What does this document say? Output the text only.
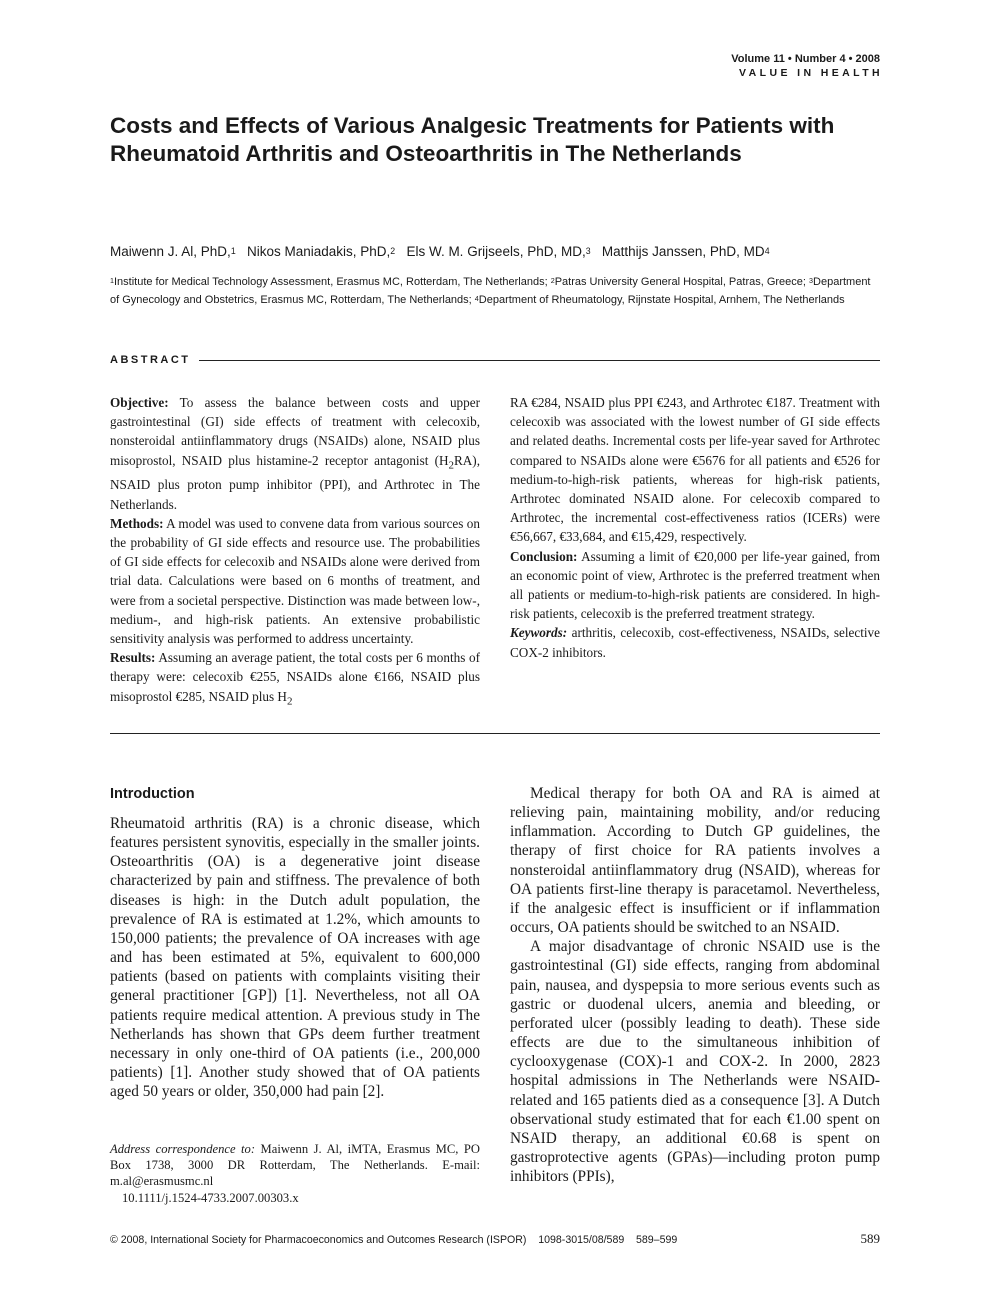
Volume 11 • Number 4 • 2008
VALUE IN HEALTH
Costs and Effects of Various Analgesic Treatments for Patients with Rheumatoid Arthritis and Osteoarthritis in The Netherlands
Maiwenn J. Al, PhD,$^1$ Nikos Maniadakis, PhD,$^2$ Els W. M. Grijseels, PhD, MD,$^3$ Matthijs Janssen, PhD, $MD^4$
$^1$Institute for Medical Technology Assessment, Erasmus MC, Rotterdam, The Netherlands; $^2$Patras University General Hospital, Patras, Greece; $^3$Department of Gynecology and Obstetrics, Erasmus MC, Rotterdam, The Netherlands; $^4$Department of Rheumatology, Rijnstate Hospital, Arnhem, The Netherlands
ABSTRACT

Objective: To assess the balance between costs and upper gastrointestinal (GI) side effects of treatment with celecoxib, nonsteroidal antiinflammatory drugs (NSAIDs) alone, NSAID plus misoprostol, NSAID plus histamine-2 receptor antagonist $(H_2RA)$, NSAID plus proton pump inhibitor (PPI), and Arthrotec in The Netherlands.

Methods: A model was used to convene data from various sources on the probability of GI side effects and resource use. The probabilities of GI side effects for celecoxib and NSAIDs alone were derived from trial data. Calculations were based on 6 months of treatment, and were from a societal perspective. Distinction was made between low-, medium-, and high-risk patients. An extensive probabilistic sensitivity analysis was performed to address uncertainty.

Results: Assuming an average patient, the total costs per 6 months of therapy were: celecoxib €255, NSAIDs alone €166, NSAID plus misoprostol €285, NSAID plus $H_2$

RA €284, NSAID plus PPI €243, and Arthrotec €187. Treatment with celecoxib was associated with the lowest number of GI side effects and related deaths. Incremental costs per life-year saved for Arthrotec compared to NSAIDs alone were €5676 for all patients and €526 for medium-to-high-risk patients, whereas for high-risk patients, Arthrotec dominated NSAID alone. For celecoxib compared to Arthrotec, the incremental cost-effectiveness ratios (ICERs) were €56,667, €33,684, and €15,429, respectively.

Conclusion: Assuming a limit of €20,000 per life-year gained, from an economic point of view, Arthrotec is the preferred treatment when all patients or medium-to-high-risk patients are considered. In high-risk patients, celecoxib is the preferred treatment strategy.

Keywords: arthritis, celecoxib, cost-effectiveness, NSAIDs, selective COX-2 inhibitors.

Introduction

Rheumatoid arthritis (RA) is a chronic disease, which features persistent synovitis, especially in the smaller joints. Osteoarthritis (OA) is a degenerative joint disease characterized by pain and stiffness. The prevalence of both diseases is high: in the Dutch adult population, the prevalence of RA is estimated at 1.2%, which amounts to 150,000 patients; the prevalence of OA increases with age and has been estimated at 5%, equivalent to 600,000 patients (based on patients with complaints visiting their general practitioner [GP]) [1]. Nevertheless, not all OA patients require medical attention. A previous study in The Netherlands has shown that GPs deem further treatment necessary in only one-third of OA patients (i.e., 200,000 patients) [1]. Another study showed that of OA patients aged 50 years or older, 350,000 had pain [2].

Medical therapy for both OA and RA is aimed at relieving pain, maintaining mobility, and/or reducing inflammation. According to Dutch GP guidelines, the therapy of first choice for RA patients involves a nonsteroidal antiinflammatory drug (NSAID), whereas for OA patients first-line therapy is paracetamol. Nevertheless, if the analgesic effect is insufficient or if inflammation occurs, OA patients should be switched to an NSAID.

A major disadvantage of chronic NSAID use is the gastrointestinal (GI) side effects, ranging from abdominal pain, nausea, and dyspepsia to more serious events such as gastric or duodenal ulcers, anemia and bleeding, or perforated ulcer (possibly leading to death). These side effects are due to the simultaneous inhibition of cyclooxygenase (COX)-1 and COX-2. In 2000, 2823 hospital admissions in The Netherlands were NSAID-related and 165 patients died as a consequence [3]. A Dutch observational study estimated that for each €1.00 spent on NSAID therapy, an additional €0.68 is spent on gastroprotective agents (GPAs)—including proton pump inhibitors (PPIs),

Address correspondence to: Maiwenn J. Al, iMTA, Erasmus MC, PO Box 1738, 3000 DR Rotterdam, The Netherlands. E-mail: m.al@erasmusmc.nl

10.1111/j.1524-4733.2007.00303.x

© 2008, International Society for Pharmacoeconomics and Outcomes Research (ISPOR)    1098-3015/08/589    589–599	589
